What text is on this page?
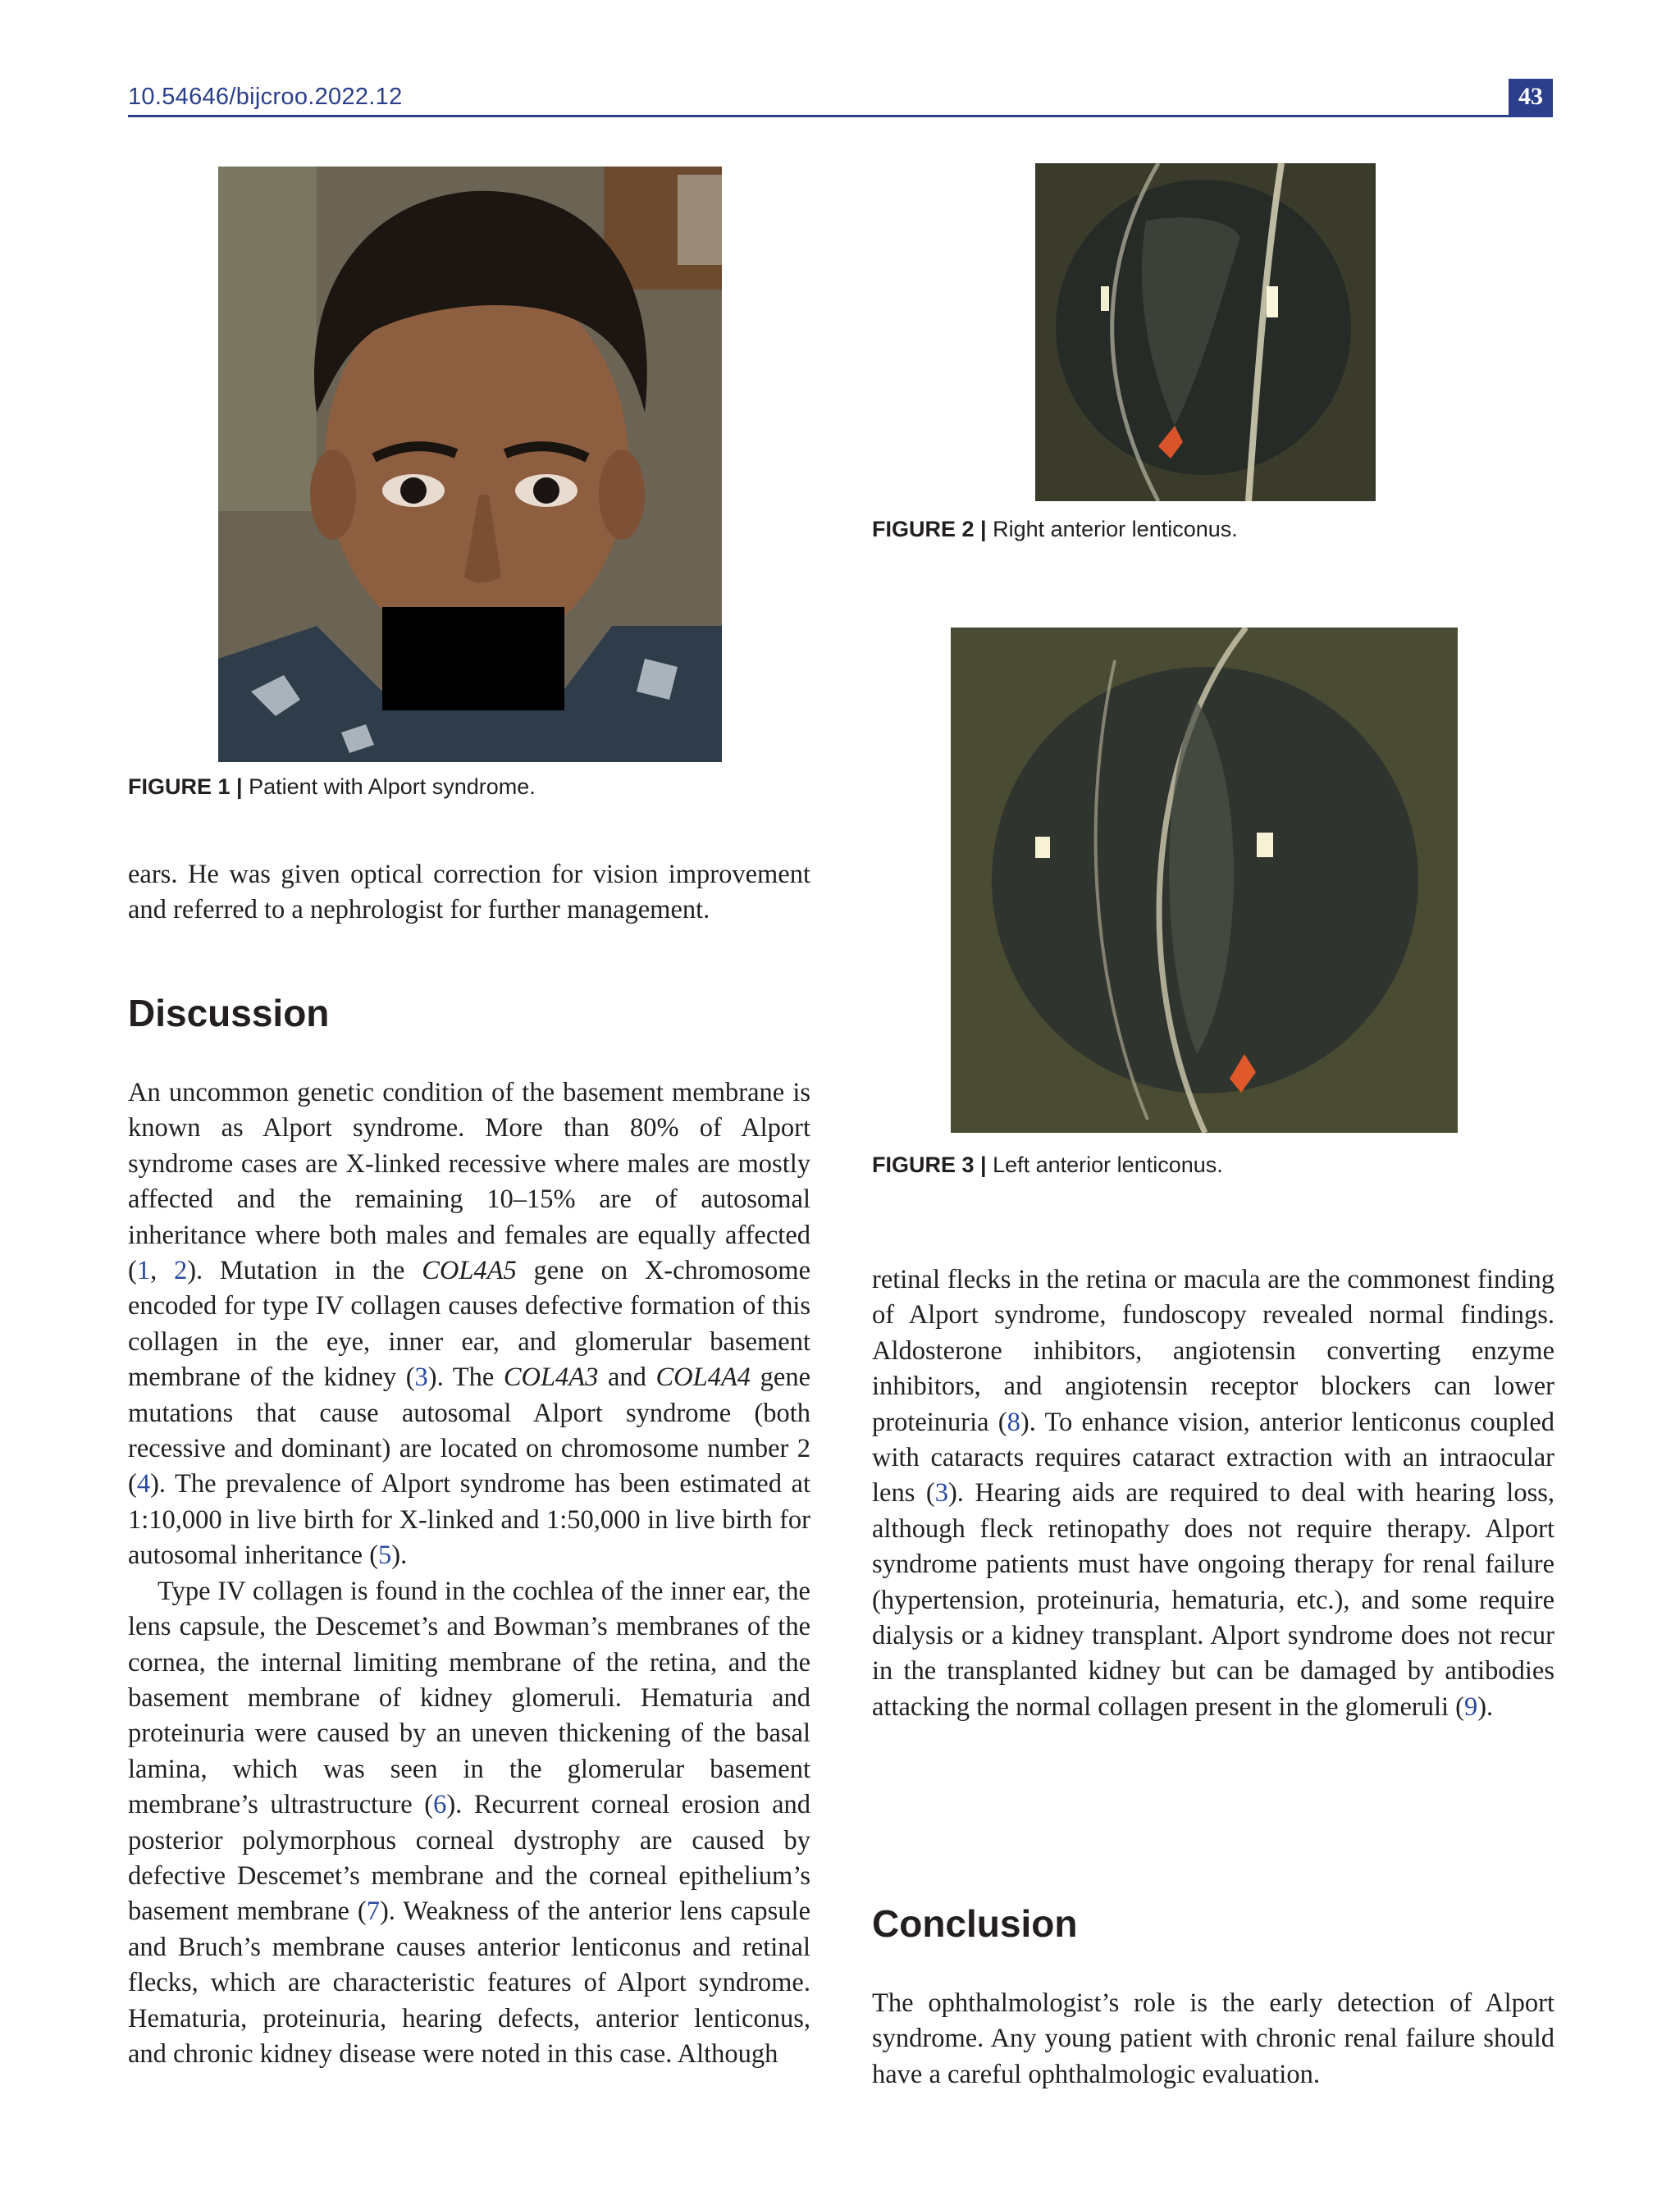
10.54646/bijcroo.2022.12	43
FIGURE 1 | Patient with Alport syndrome.
FIGURE 2 | Right anterior lenticonus.
FIGURE 3 | Left anterior lenticonus.

ears. He was given optical correction for vision improvement and referred to a nephrologist for further management.

Discussion

An uncommon genetic condition of the basement membrane is known as Alport syndrome. More than 80% of Alport syndrome cases are X-linked recessive where males are mostly affected and the remaining 10–15% are of autosomal inheritance where both males and females are equally affected (1, 2). Mutation in the COL4A5 gene on X-chromosome encoded for type IV collagen causes defective formation of this collagen in the eye, inner ear, and glomerular basement membrane of the kidney (3). The COL4A3 and COL4A4 gene mutations that cause autosomal Alport syndrome (both recessive and dominant) are located on chromosome number 2 (4). The prevalence of Alport syndrome has been estimated at 1:10,000 in live birth for X-linked and 1:50,000 in live birth for autosomal inheritance (5).

Type IV collagen is found in the cochlea of the inner ear, the lens capsule, the Descemet’s and Bowman’s membranes of the cornea, the internal limiting membrane of the retina, and the basement membrane of kidney glomeruli. Hematuria and proteinuria were caused by an uneven thickening of the basal lamina, which was seen in the glomerular basement membrane’s ultrastructure (6). Recurrent corneal erosion and posterior polymorphous corneal dystrophy are caused by defective Descemet’s membrane and the corneal epithelium’s basement membrane (7). Weakness of the anterior lens capsule and Bruch’s membrane causes anterior lenticonus and retinal flecks, which are characteristic features of Alport syndrome. Hematuria, proteinuria, hearing defects, anterior lenticonus, and chronic kidney disease were noted in this case. Although

retinal flecks in the retina or macula are the commonest finding of Alport syndrome, fundoscopy revealed normal findings. Aldosterone inhibitors, angiotensin converting enzyme inhibitors, and angiotensin receptor blockers can lower proteinuria (8). To enhance vision, anterior lenticonus coupled with cataracts requires cataract extraction with an intraocular lens (3). Hearing aids are required to deal with hearing loss, although fleck retinopathy does not require therapy. Alport syndrome patients must have ongoing therapy for renal failure (hypertension, proteinuria, hematuria, etc.), and some require dialysis or a kidney transplant. Alport syndrome does not recur in the transplanted kidney but can be damaged by antibodies attacking the normal collagen present in the glomeruli (9).

Conclusion

The ophthalmologist’s role is the early detection of Alport syndrome. Any young patient with chronic renal failure should have a careful ophthalmologic evaluation.
